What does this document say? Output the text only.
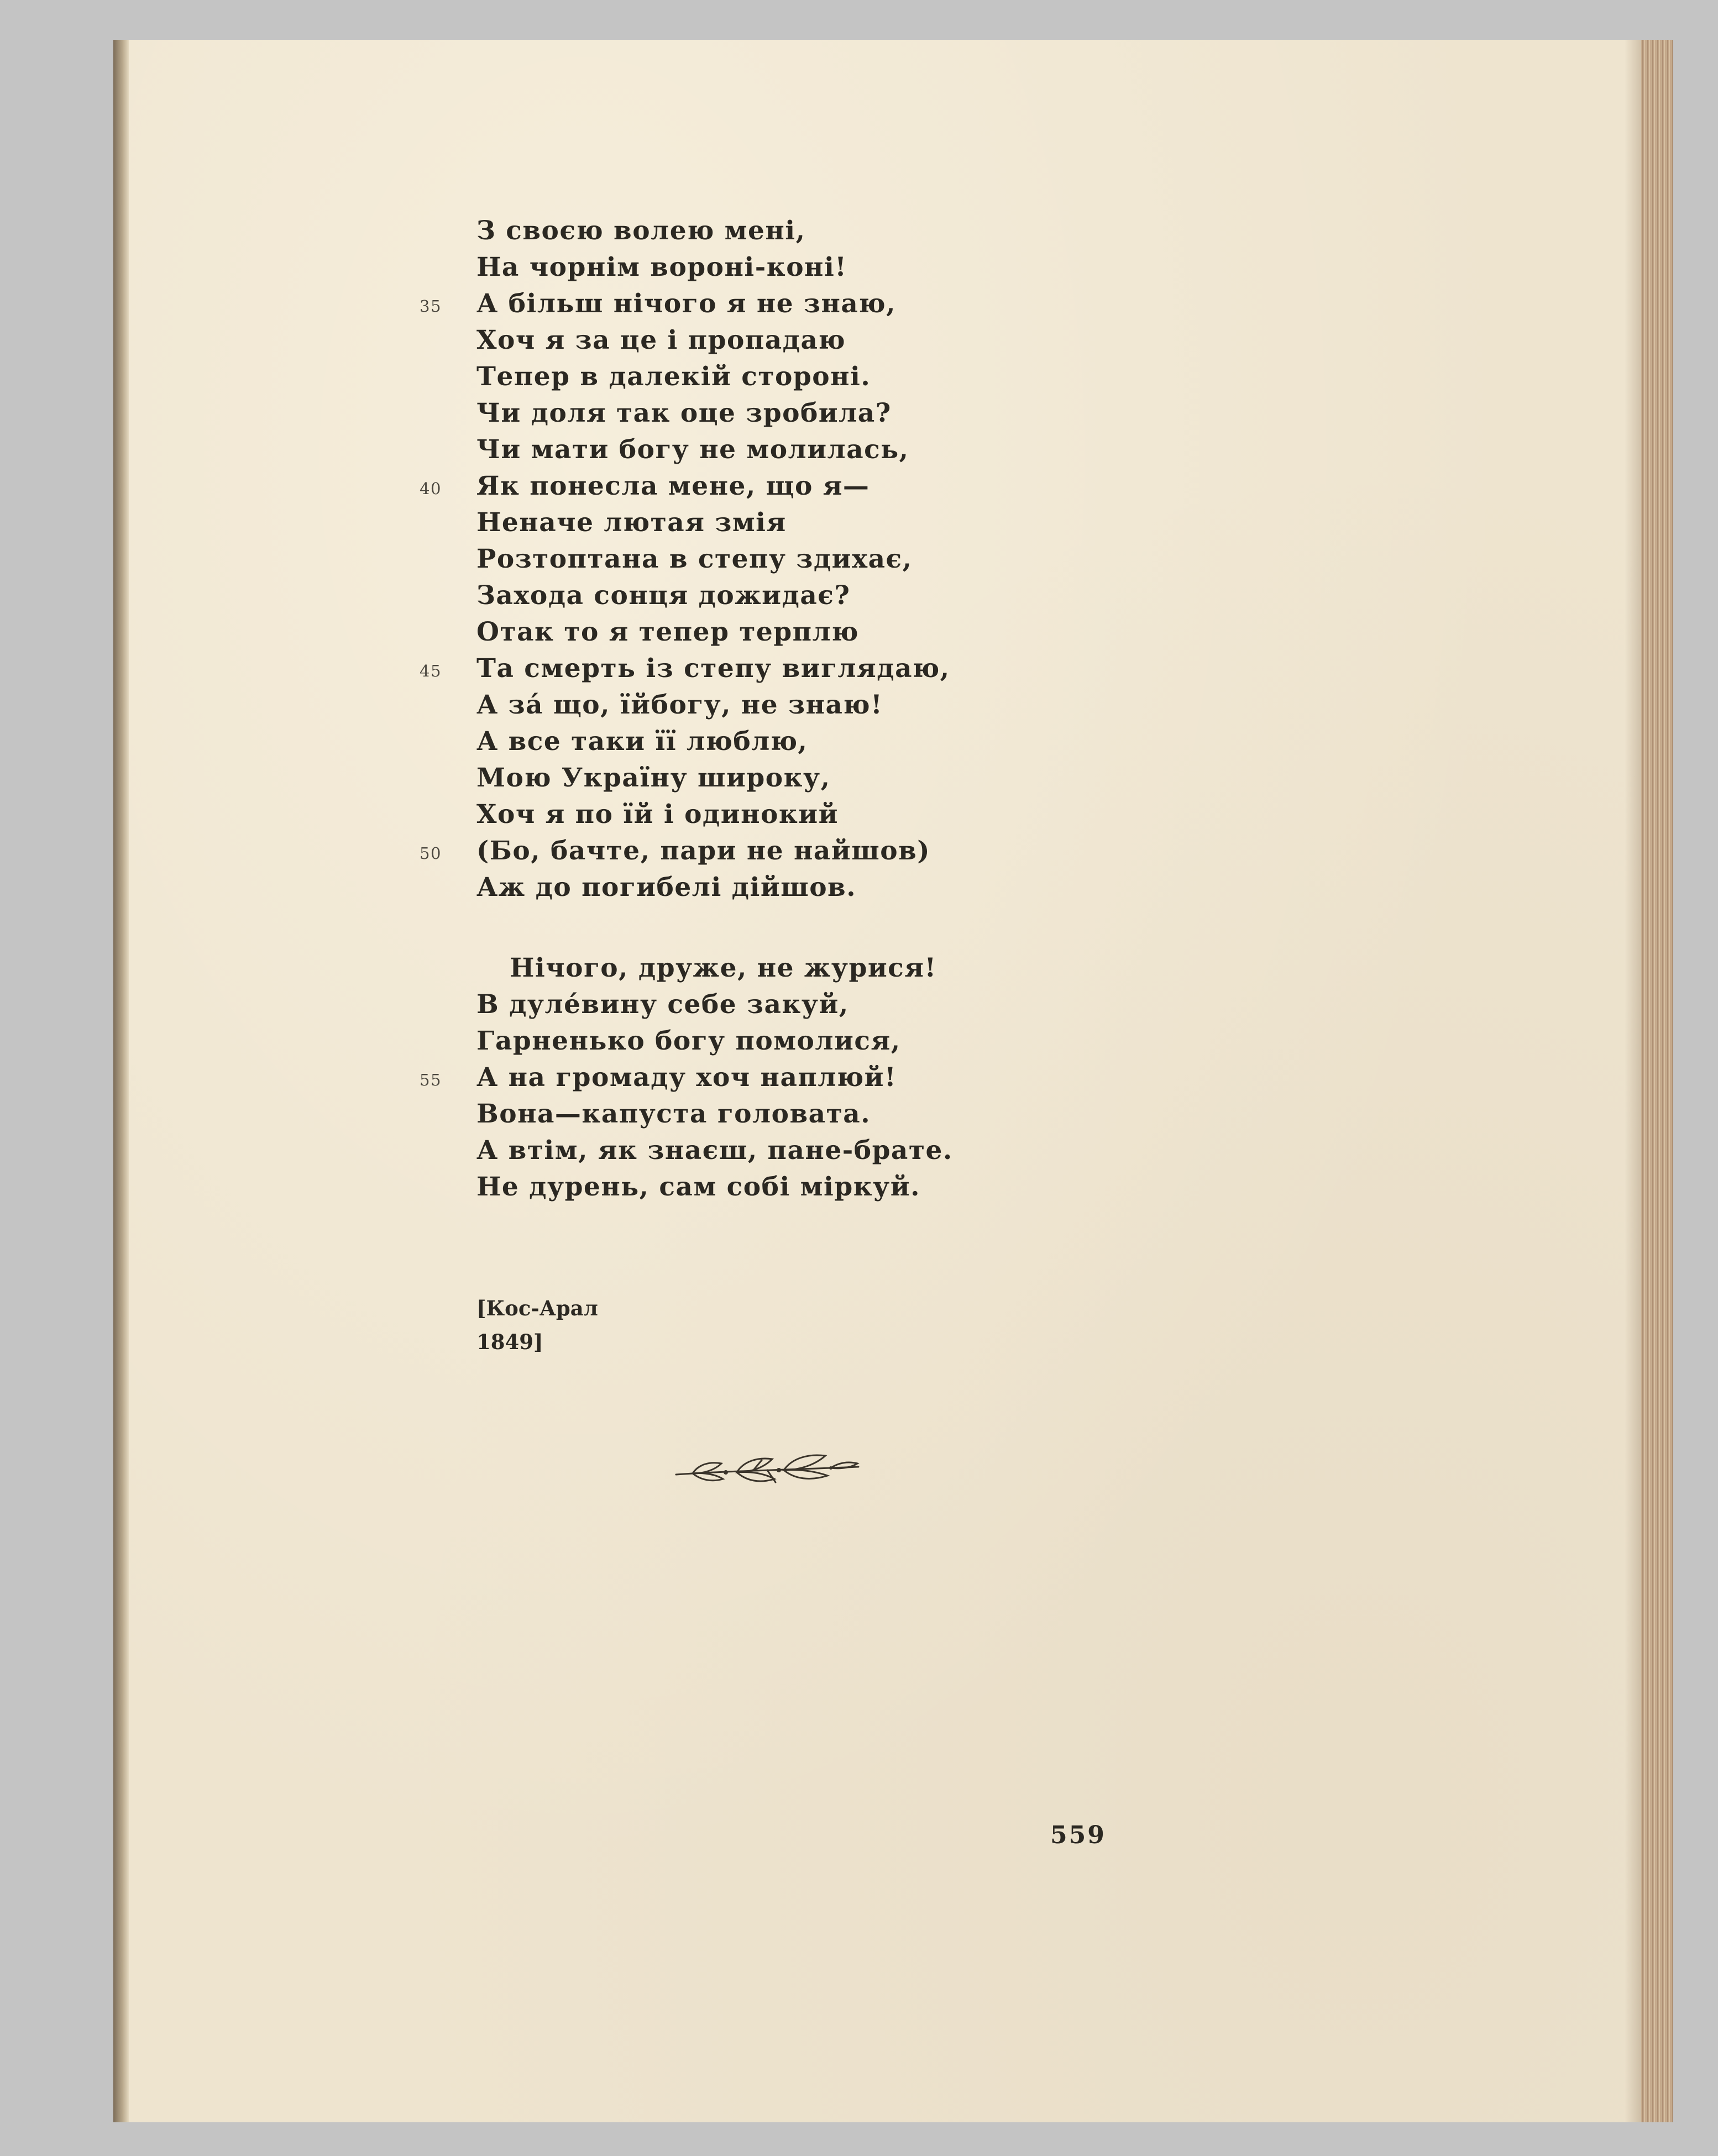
З своєю волею мені,
На чорнім вороні-коні!
35	А більш нічого я не знаю,
Хоч я за це і пропадаю
Тепер в далекій стороні.
Чи доля так оце зробила?
Чи мати богу не молилась,
40	Як понесла мене, що я—
Неначе лютая змія
Розтоптана в степу здихає,
Захода сонця дожидає?
Отак то я тепер терплю
45	Та смерть із степу виглядаю,
А за́ що, їйбогу, не знаю!
А все таки її люблю,
Мою Украïну широку,
Хоч я по їй і одинокий
50	(Бо, бачте, пари не найшов)
Аж до погибелі дійшов.
Нічого, друже, не журися!
В дуле́вину себе закуй,
Гарненько богу помолися,
55	А на громаду хоч наплюй!
Вона—капуста головата.
А втім, як знаєш, пане-брате.
Не дурень, сам собі міркуй.
[Кос-Арал
1849]
559
